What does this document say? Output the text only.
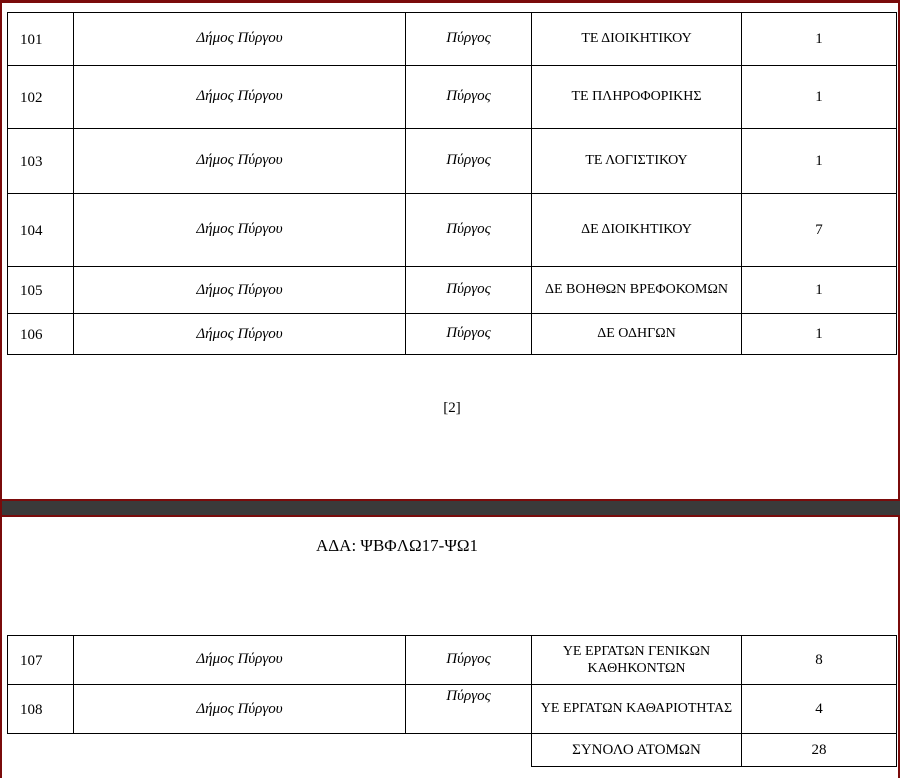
101	Δήμος Πύργου	Πύργος	ΤΕ ΔΙΟΙΚΗΤΙΚΟΥ	1

102	Δήμος Πύργου	Πύργος	ΤΕ ΠΛΗΡΟΦΟΡΙΚΗΣ	1

103	Δήμος Πύργου	Πύργος	ΤΕ ΛΟΓΙΣΤΙΚΟΥ	1

104	Δήμος Πύργου	Πύργος	ΔΕ ΔΙΟΙΚΗΤΙΚΟΥ	7

105	Δήμος Πύργου	Πύργος	ΔΕ ΒΟΗΘΩΝ ΒΡΕΦΟΚΟΜΩΝ	1

106	Δήμος Πύργου	Πύργος	ΔΕ ΟΔΗΓΩΝ	1
[2]
ΑΔΑ: ΨΒΦΛΩ17-ΨΩ1
107	Δήμος Πύργου	Πύργος	ΥΕ ΕΡΓΑΤΩΝ ΓΕΝΙΚΩΝ ΚΑΘΗΚΟΝΤΩΝ	8

108	Δήμος Πύργου	Πύργος	ΥΕ ΕΡΓΑΤΩΝ ΚΑΘΑΡΙΟΤΗΤΑΣ	4

			ΣΥΝΟΛΟ ΑΤΟΜΩΝ	28
